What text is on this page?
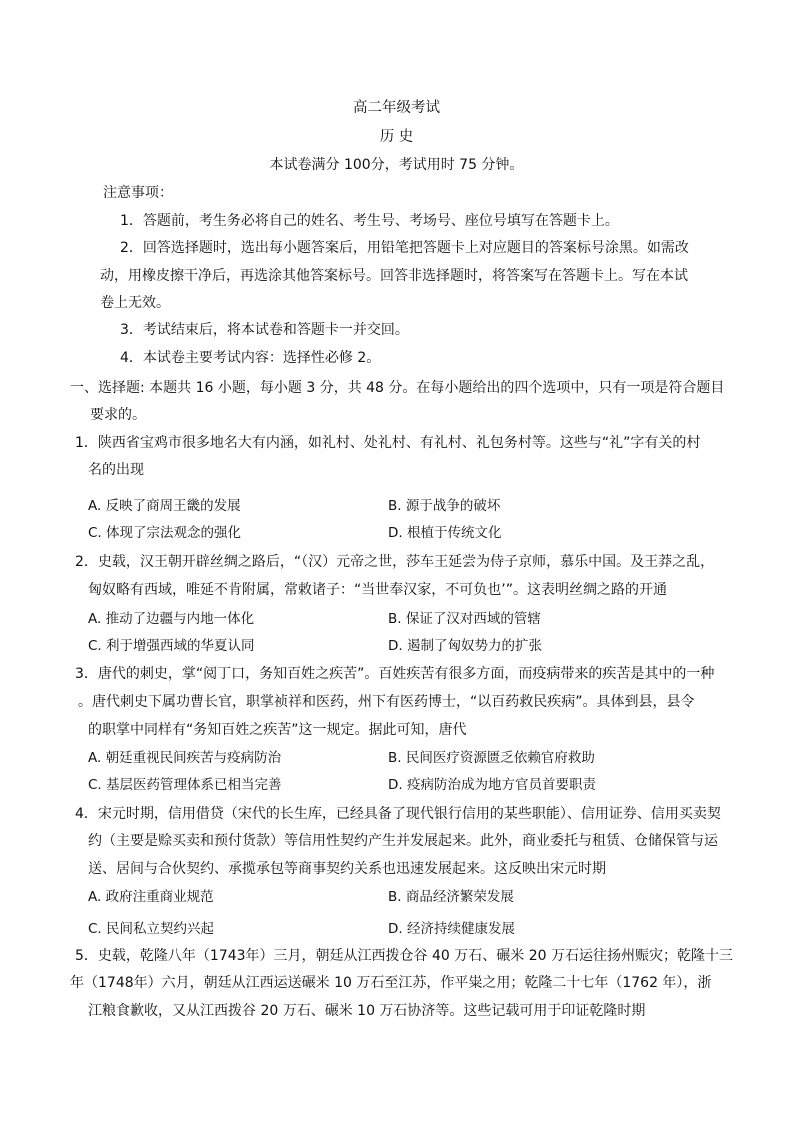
高二年级考试
历 史
本试卷满分 100分，考试用时 75 分钟。
注意事项：
1．答题前，考生务必将自己的姓名、考生号、考场号、座位号填写在答题卡上。
2．回答选择题时，选出每小题答案后，用铅笔把答题卡上对应题目的答案标号涂黑。如需改
动，用橡皮擦干净后，再选涂其他答案标号。回答非选择题时，将答案写在答题卡上。写在本试
卷上无效。
3．考试结束后，将本试卷和答题卡一并交回。
4．本试卷主要考试内容：选择性必修 2。
一、选择题: 本题共 16 小题，每小题 3 分，共 48 分。在每小题给出的四个选项中，只有一项是符合题目
要求的。
1．陕西省宝鸡市很多地名大有内涵，如礼村、处礼村、有礼村、礼包务村等。这些与“礼”字有关的村
名的出现
A. 反映了商周王畿的发展	B. 源于战争的破坏
C. 体现了宗法观念的强化	D. 根植于传统文化
2．史载，汉王朝开辟丝绸之路后，“（汉）元帝之世，莎车王延尝为侍子京师，慕乐中国。及王莽之乱，
匈奴略有西域，唯延不肯附属，常敕诸子：“当世奉汉家，不可负也’”。这表明丝绸之路的开通
A. 推动了边疆与内地一体化	B. 保证了汉对西域的管辖
C. 利于增强西域的华夏认同	D. 遏制了匈奴势力的扩张
3．唐代的刺史，掌“阅丁口，务知百姓之疾苦”。百姓疾苦有很多方面，而疫病带来的疾苦是其中的一种
。唐代刺史下属功曹长官，职掌祯祥和医药，州下有医药博士，“以百药救民疾病”。具体到县，县令
的职掌中同样有“务知百姓之疾苦”这一规定。据此可知，唐代
A. 朝廷重视民间疾苦与疫病防治	B. 民间医疗资源匮乏依赖官府救助
C. 基层医药管理体系已相当完善	D. 疫病防治成为地方官员首要职责
4．宋元时期，信用借贷（宋代的长生库，已经具备了现代银行信用的某些职能）、信用证券、信用买卖契
约（主要是赊买卖和预付货款）等信用性契约产生并发展起来。此外，商业委托与租赁、仓储保管与运
送、居间与合伙契约、承揽承包等商事契约关系也迅速发展起来。这反映出宋元时期
A. 政府注重商业规范	B. 商品经济繁荣发展
C. 民间私立契约兴起	D. 经济持续健康发展
5．史载，乾隆八年（1743年）三月，朝廷从江西拨仓谷 40 万石、碾米 20 万石运往扬州赈灾；乾隆十三
年（1748年）六月，朝廷从江西运送碾米 10 万石至江苏，作平粜之用；乾隆二十七年（1762 年），浙
江粮食歉收，又从江西拨谷 20 万石、碾米 10 万石协济等。这些记载可用于印证乾隆时期
